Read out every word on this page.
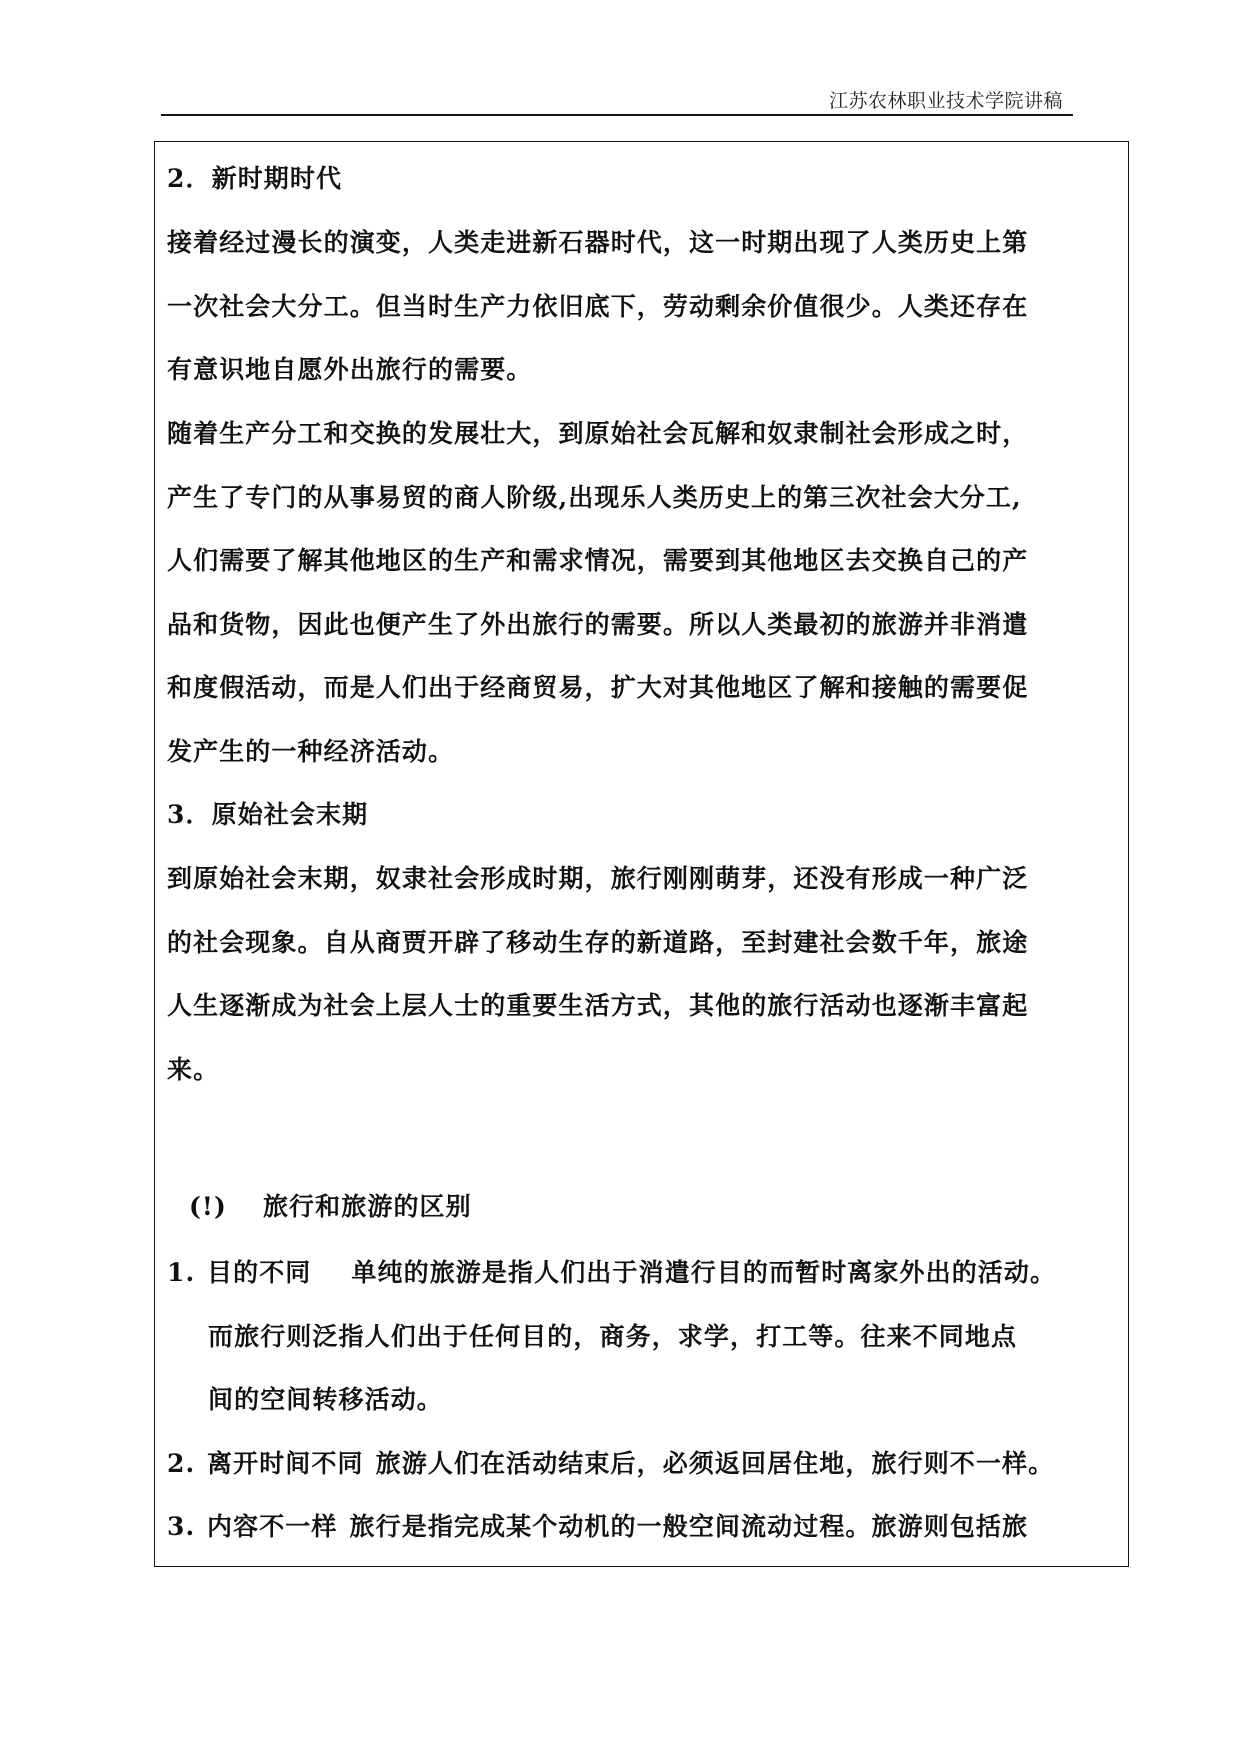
江苏农林职业技术学院讲稿
2．新时期时代
接着经过漫长的演变，人类走进新石器时代，这一时期出现了人类历史上第
一次社会大分工。但当时生产力依旧底下，劳动剩余价值很少。人类还存在
有意识地自愿外出旅行的需要。
随着生产分工和交换的发展壮大，到原始社会瓦解和奴隶制社会形成之时，
产生了专门的从事易贸的商人阶级,出现乐人类历史上的第三次社会大分工,
人们需要了解其他地区的生产和需求情况，需要到其他地区去交换自己的产
品和货物，因此也便产生了外出旅行的需要。所以人类最初的旅游并非消遣
和度假活动，而是人们出于经商贸易，扩大对其他地区了解和接触的需要促
发产生的一种经济活动。
3．原始社会末期
到原始社会末期，奴隶社会形成时期，旅行刚刚萌芽，还没有形成一种广泛
的社会现象。自从商贾开辟了移动生存的新道路，至封建社会数千年，旅途
人生逐渐成为社会上层人士的重要生活方式，其他的旅行活动也逐渐丰富起
来。
(!) 旅行和旅游的区别
1. 目的不同 单纯的旅游是指人们出于消遣行目的而暂时离家外出的活动。
而旅行则泛指人们出于任何目的，商务，求学，打工等。往来不同地点
间的空间转移活动。
2. 离开时间不同 旅游人们在活动结束后，必须返回居住地，旅行则不一样。
3. 内容不一样 旅行是指完成某个动机的一般空间流动过程。旅游则包括旅
